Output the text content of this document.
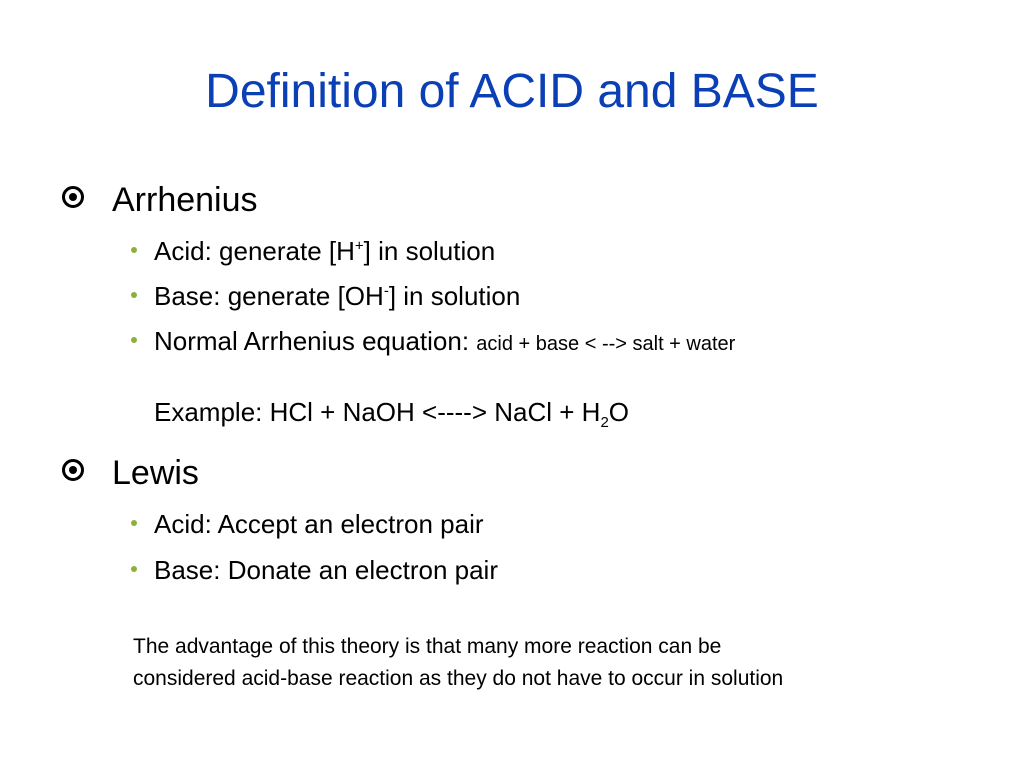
Definition of ACID and BASE
Arrhenius
Acid: generate [H+] in solution
Base: generate [OH-] in solution
Normal Arrhenius equation: acid + base < --> salt + water
Example: HCl + NaOH <----> NaCl + $H_2O$
Lewis
Acid: Accept an electron pair
Base: Donate an electron pair
The advantage of this theory is that many more reaction can be
considered acid-base reaction as they do not have to occur in solution
